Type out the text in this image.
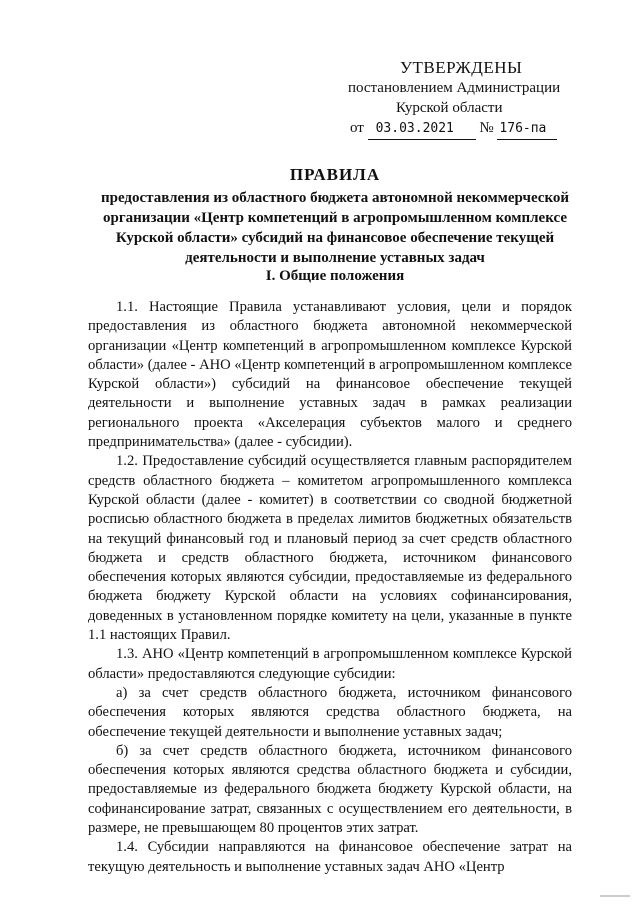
УТВЕРЖДЕНЫ
постановлением Администрации
Курской области
от 03.03.2021 № 176-па
ПРАВИЛА
предоставления из областного бюджета автономной некоммерческой организации «Центр компетенций в агропромышленном комплексе Курской области» субсидий на финансовое обеспечение текущей деятельности и выполнение уставных задач
I. Общие положения

1.1. Настоящие Правила устанавливают условия, цели и порядок предоставления из областного бюджета автономной некоммерческой организации «Центр компетенций в агропромышленном комплексе Курской области» (далее - АНО «Центр компетенций в агропромышленном комплексе Курской области») субсидий на финансовое обеспечение текущей деятельности и выполнение уставных задач в рамках реализации регионального проекта «Акселерация субъектов малого и среднего предпринимательства» (далее - субсидии).

1.2. Предоставление субсидий осуществляется главным распорядителем средств областного бюджета – комитетом агропромышленного комплекса Курской области (далее - комитет) в соответствии со сводной бюджетной росписью областного бюджета в пределах лимитов бюджетных обязательств на текущий финансовый год и плановый период за счет средств областного бюджета и средств областного бюджета, источником финансового обеспечения которых являются субсидии, предоставляемые из федерального бюджета бюджету Курской области на условиях софинансирования, доведенных в установленном порядке комитету на цели, указанные в пункте 1.1 настоящих Правил.

1.3. АНО «Центр компетенций в агропромышленном комплексе Курской области» предоставляются следующие субсидии:

а) за счет средств областного бюджета, источником финансового обеспечения которых являются средства областного бюджета, на обеспечение текущей деятельности и выполнение уставных задач;

б) за счет средств областного бюджета, источником финансового обеспечения которых являются средства областного бюджета и субсидии, предоставляемые из федерального бюджета бюджету Курской области, на софинансирование затрат, связанных с осуществлением его деятельности, в размере, не превышающем 80 процентов этих затрат.

1.4. Субсидии направляются на финансовое обеспечение затрат на текущую деятельность и выполнение уставных задач АНО «Центр
